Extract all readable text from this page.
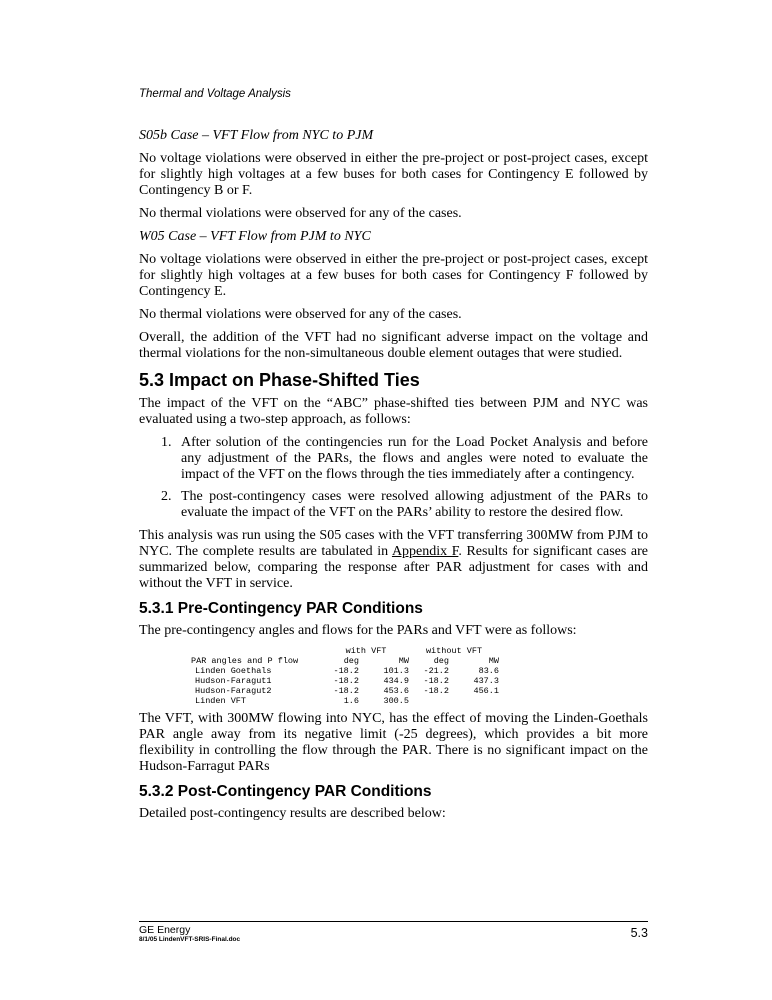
Thermal and Voltage Analysis

S05b Case – VFT Flow from NYC to PJM

No voltage violations were observed in either the pre-project or post-project cases, except for slightly high voltages at a few buses for both cases for Contingency E followed by Contingency B or F.

No thermal violations were observed for any of the cases.

W05 Case – VFT Flow from PJM to NYC

No voltage violations were observed in either the pre-project or post-project cases, except for slightly high voltages at a few buses for both cases for Contingency F followed by Contingency E.

No thermal violations were observed for any of the cases.

Overall, the addition of the VFT had no significant adverse impact on the voltage and thermal violations for the non-simultaneous double element outages that were studied.

5.3 Impact on Phase-Shifted Ties

The impact of the VFT on the “ABC” phase-shifted ties between PJM and NYC was evaluated using a two-step approach, as follows:

1. After solution of the contingencies run for the Load Pocket Analysis and before any adjustment of the PARs, the flows and angles were noted to evaluate the impact of the VFT on the flows through the ties immediately after a contingency.
2. The post-contingency cases were resolved allowing adjustment of the PARs to evaluate the impact of the VFT on the PARs’ ability to restore the desired flow.

This analysis was run using the S05 cases with the VFT transferring 300MW from PJM to NYC. The complete results are tabulated in Appendix F. Results for significant cases are summarized below, comparing the response after PAR adjustment for cases with and without the VFT in service.

5.3.1 Pre-Contingency PAR Conditions

The pre-contingency angles and flows for the PARs and VFT were as follows:

	with VFT		without VFT	
PAR angles and P flow	deg	MW	deg	MW
Linden Goethals	-18.2	101.3	-21.2	83.6
Hudson-Faragut1	-18.2	434.9	-18.2	437.3
Hudson-Faragut2	-18.2	453.6	-18.2	456.1
Linden VFT	1.6	300.5		

The VFT, with 300MW flowing into NYC, has the effect of moving the Linden-Goethals PAR angle away from its negative limit (-25 degrees), which provides a bit more flexibility in controlling the flow through the PAR. There is no significant impact on the Hudson-Farragut PARs

5.3.2 Post-Contingency PAR Conditions

Detailed post-contingency results are described below:

GE Energy
8/1/05 LindenVFT-SRIS-Final.doc	5.3
